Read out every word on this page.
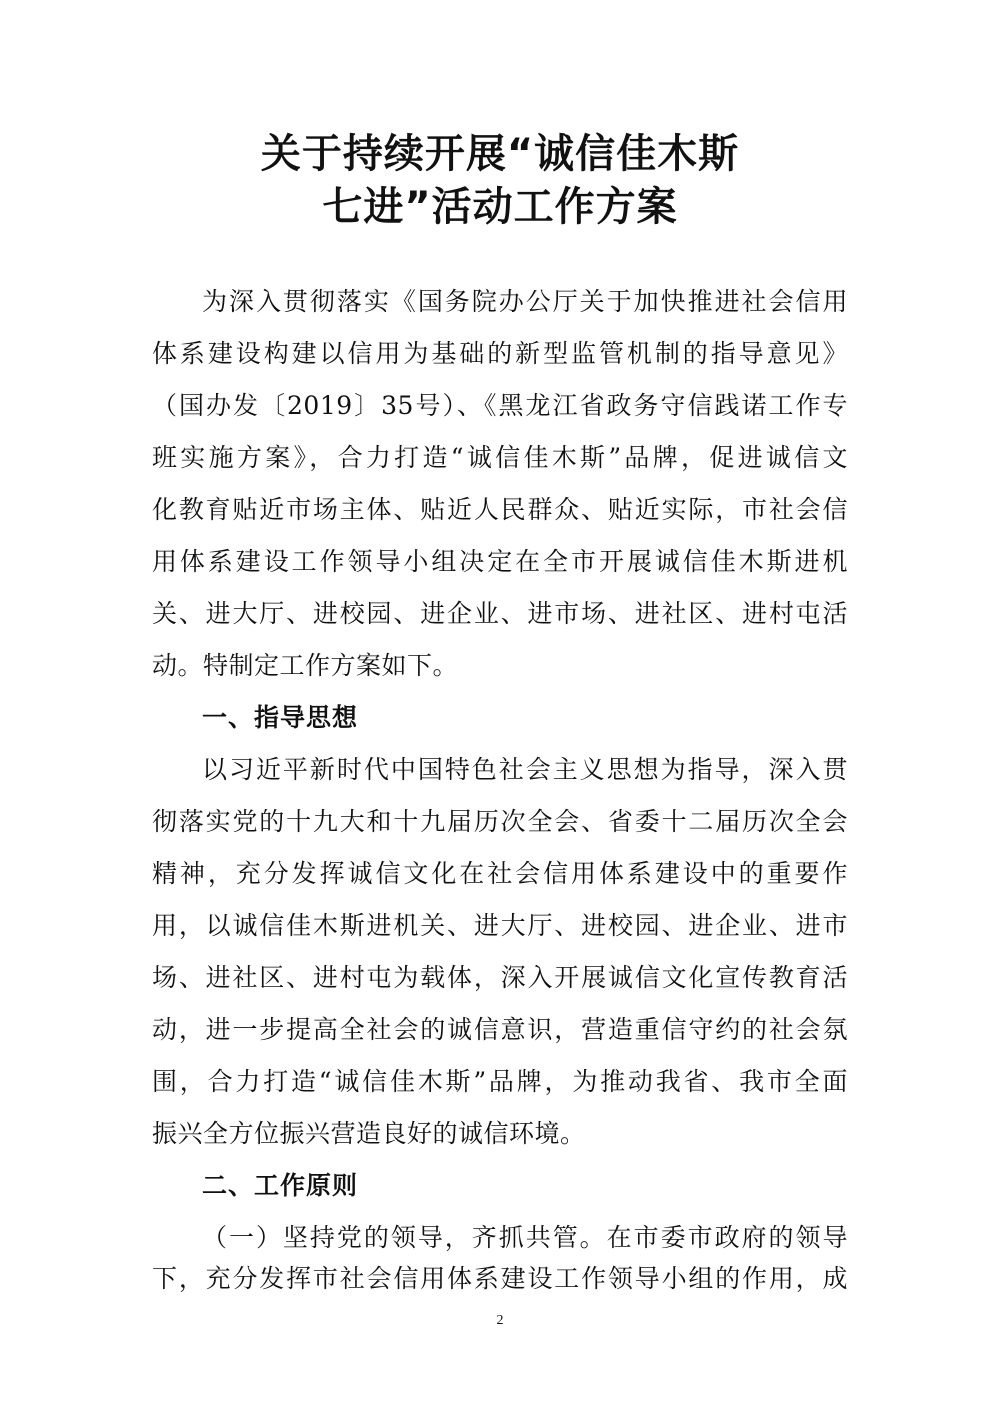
关于持续开展“诚信佳木斯
七进”活动工作方案
为深入贯彻落实《国务院办公厅关于加快推进社会信用
体系建设构建以信用为基础的新型监管机制的指导意见》
（国办发〔2019〕35号）、《黑龙江省政务守信践诺工作专
班实施方案》，合力打造“诚信佳木斯”品牌，促进诚信文
化教育贴近市场主体、贴近人民群众、贴近实际，市社会信
用体系建设工作领导小组决定在全市开展诚信佳木斯进机
关、进大厅、进校园、进企业、进市场、进社区、进村屯活
动。特制定工作方案如下。
一、指导思想
以习近平新时代中国特色社会主义思想为指导，深入贯
彻落实党的十九大和十九届历次全会、省委十二届历次全会
精神，充分发挥诚信文化在社会信用体系建设中的重要作
用，以诚信佳木斯进机关、进大厅、进校园、进企业、进市
场、进社区、进村屯为载体，深入开展诚信文化宣传教育活
动，进一步提高全社会的诚信意识，营造重信守约的社会氛
围，合力打造“诚信佳木斯”品牌，为推动我省、我市全面
振兴全方位振兴营造良好的诚信环境。
二、工作原则
（一）坚持党的领导，齐抓共管。在市委市政府的领导
下，充分发挥市社会信用体系建设工作领导小组的作用，成
2
